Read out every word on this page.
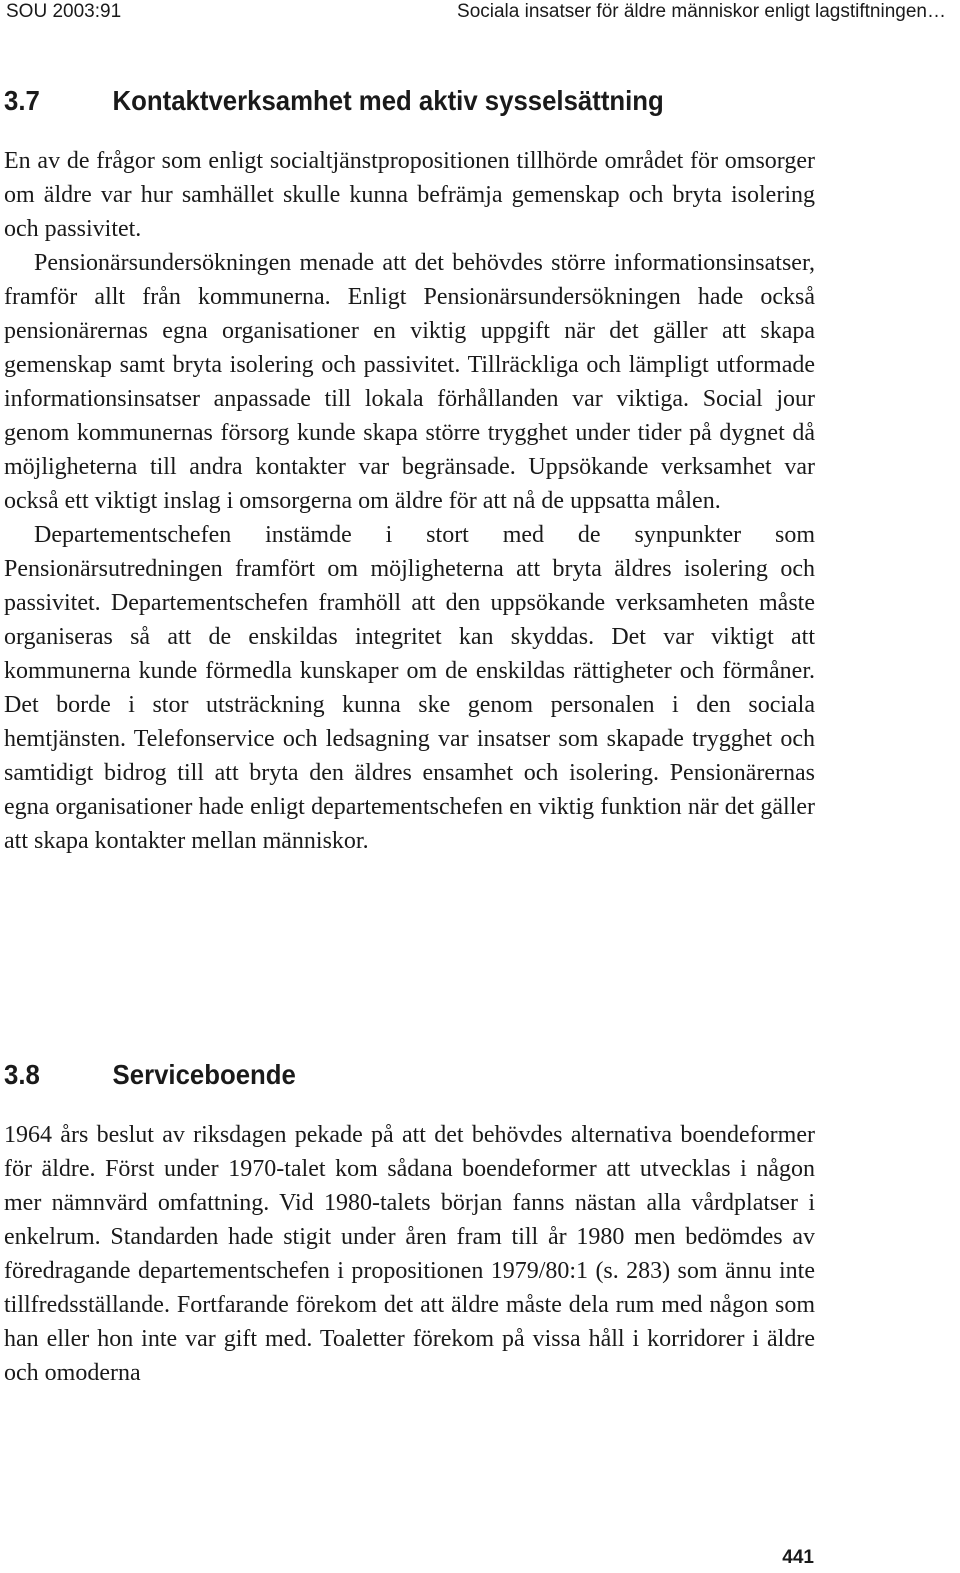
SOU 2003:91	Sociala insatser för äldre människor enligt lagstiftningen…
3.7	Kontaktverksamhet med aktiv sysselsättning

En av de frågor som enligt socialtjänstpropositionen tillhörde området för omsorger om äldre var hur samhället skulle kunna befrämja gemenskap och bryta isolering och passivitet.

Pensionärsundersökningen menade att det behövdes större informationsinsatser, framför allt från kommunerna. Enligt Pensionärsundersökningen hade också pensionärernas egna organisationer en viktig uppgift när det gäller att skapa gemenskap samt bryta isolering och passivitet. Tillräckliga och lämpligt utformade informationsinsatser anpassade till lokala förhållanden var viktiga. Social jour genom kommunernas försorg kunde skapa större trygghet under tider på dygnet då möjligheterna till andra kontakter var begränsade. Uppsökande verksamhet var också ett viktigt inslag i omsorgerna om äldre för att nå de uppsatta målen.

Departementschefen instämde i stort med de synpunkter som Pensionärsutredningen framfört om möjligheterna att bryta äldres isolering och passivitet. Departementschefen framhöll att den uppsökande verksamheten måste organiseras så att de enskildas integritet kan skyddas. Det var viktigt att kommunerna kunde förmedla kunskaper om de enskildas rättigheter och förmåner. Det borde i stor utsträckning kunna ske genom personalen i den sociala hemtjänsten. Telefonservice och ledsagning var insatser som skapade trygghet och samtidigt bidrog till att bryta den äldres ensamhet och isolering. Pensionärernas egna organisationer hade enligt departementschefen en viktig funktion när det gäller att skapa kontakter mellan människor.

3.8	Serviceboende

1964 års beslut av riksdagen pekade på att det behövdes alternativa boendeformer för äldre. Först under 1970-talet kom sådana boendeformer att utvecklas i någon mer nämnvärd omfattning. Vid 1980-talets början fanns nästan alla vårdplatser i enkelrum. Standarden hade stigit under åren fram till år 1980 men bedömdes av föredragande departementschefen i propositionen 1979/80:1 (s. 283) som ännu inte tillfredsställande. Fortfarande förekom det att äldre måste dela rum med någon som han eller hon inte var gift med. Toaletter förekom på vissa håll i korridorer i äldre och omoderna

441
